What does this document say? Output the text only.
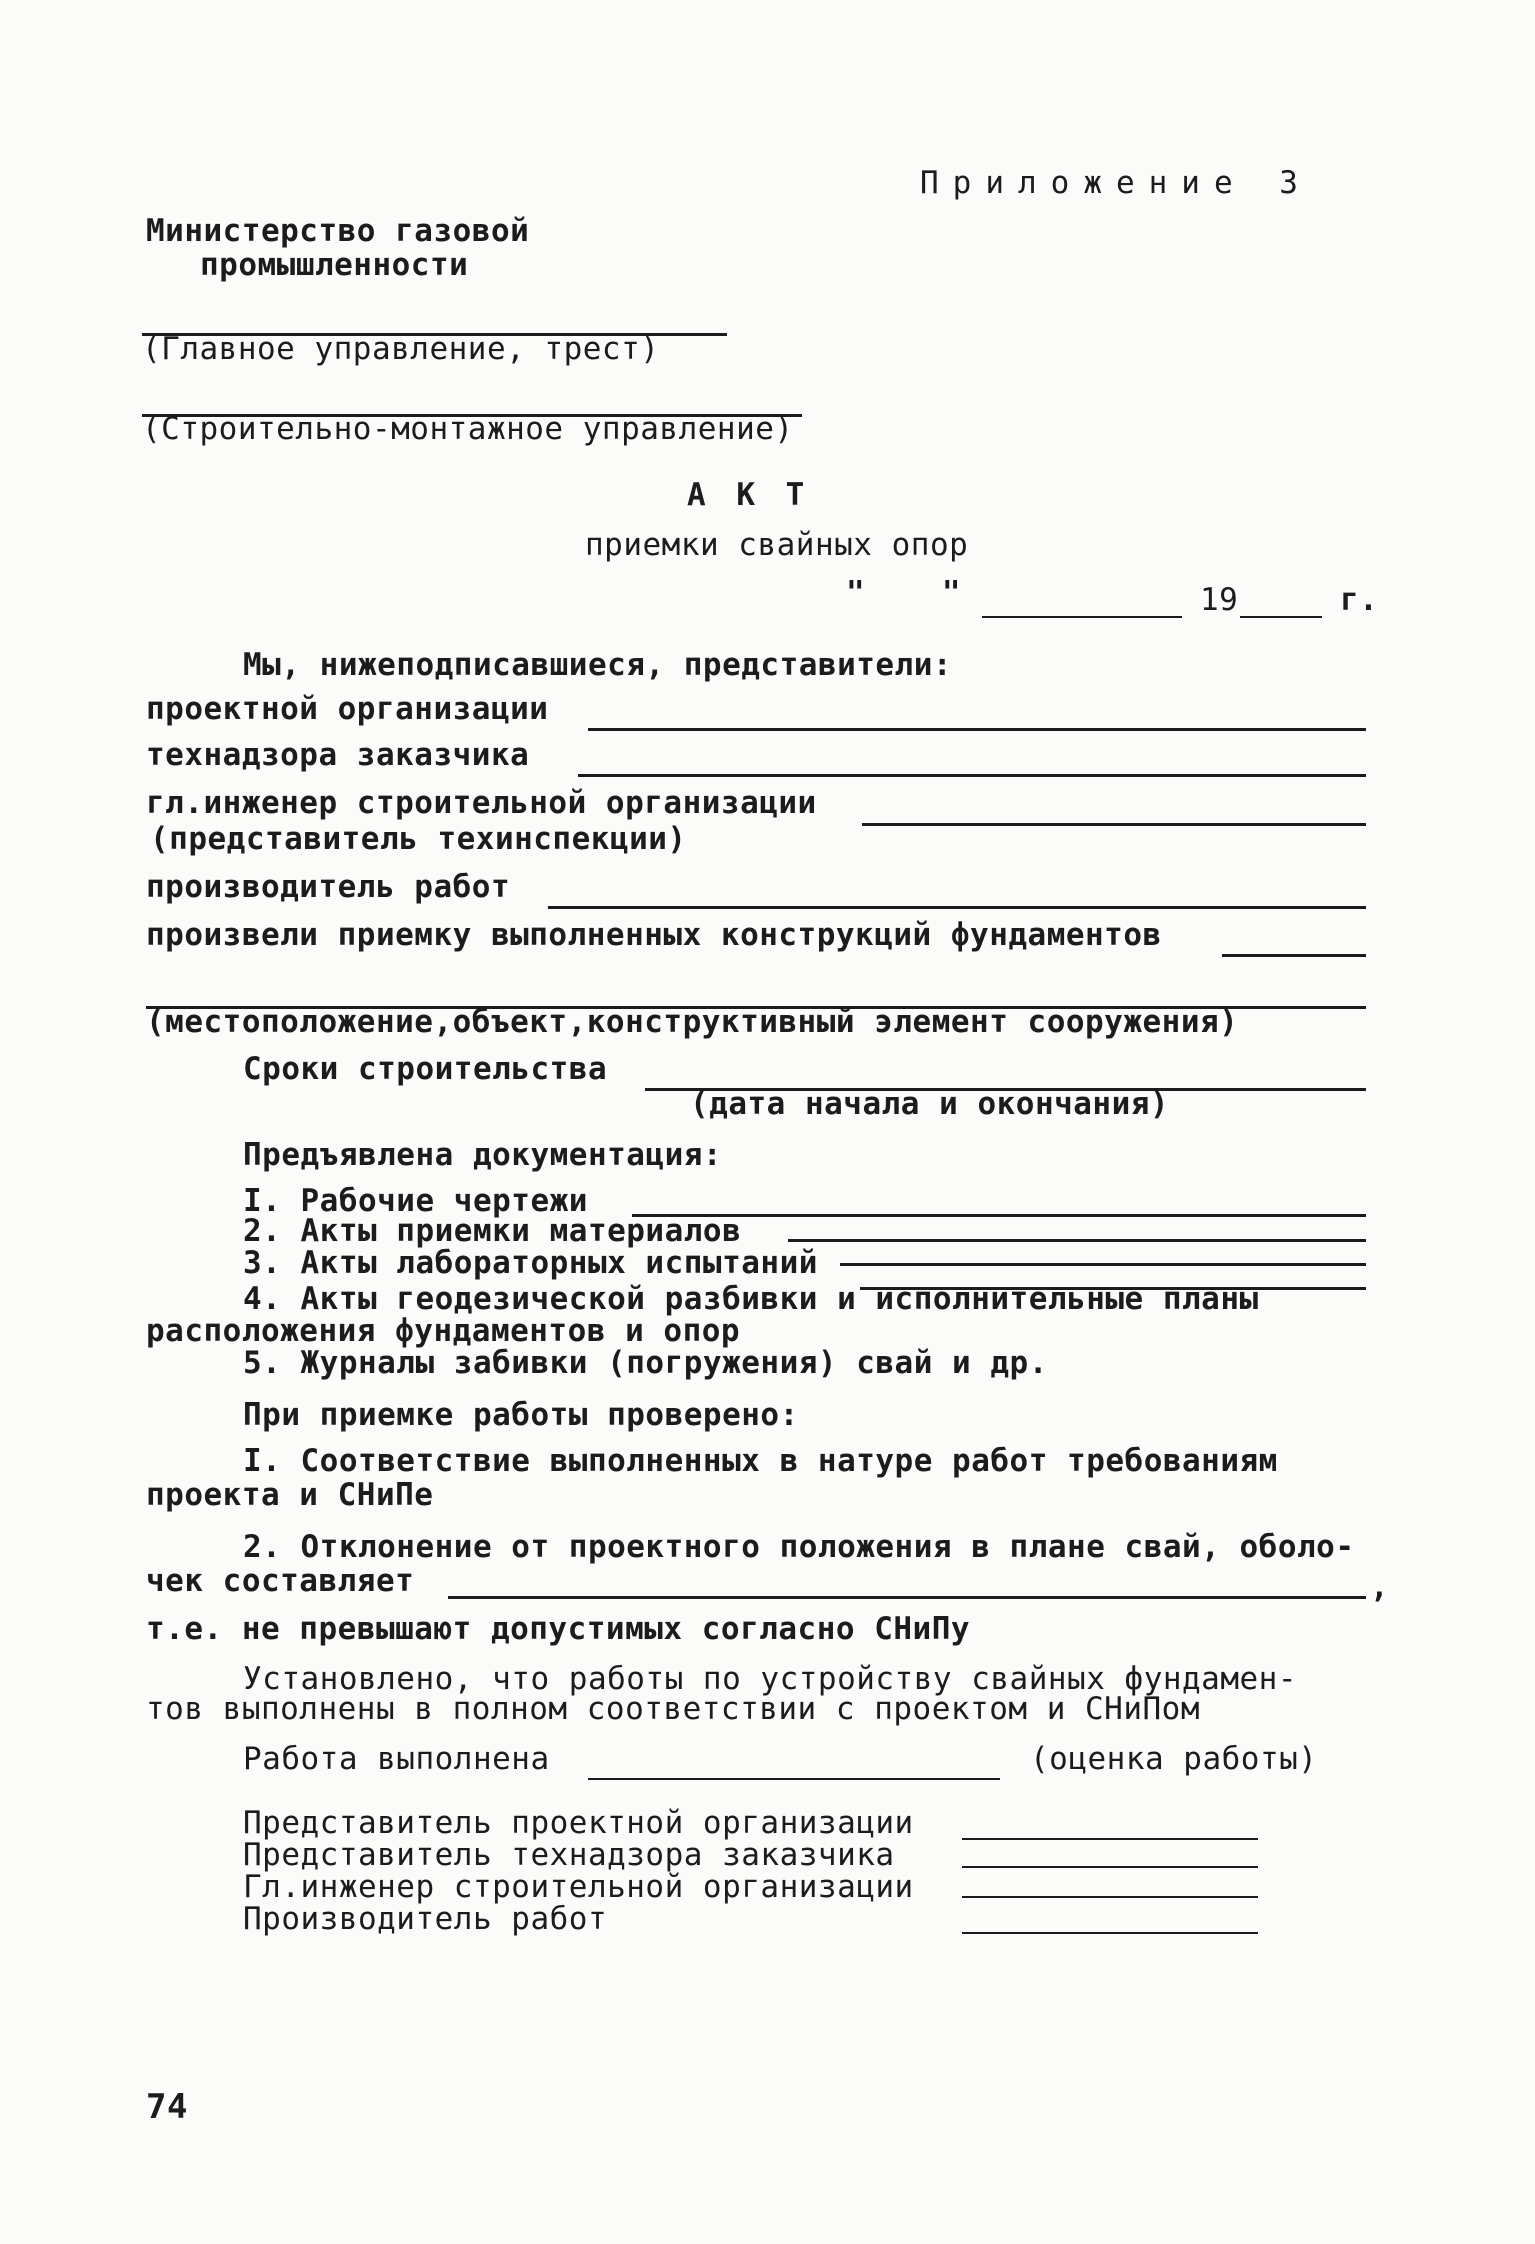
Приложение 3
Министерство газовой
промышленности
(Главное управление, трест)
(Строительно-монтажное управление)
А К Т
приемки свайных опор
"    "	19	г.
Мы, нижеподписавшиеся, представители:
проектной организации
технадзора заказчика
гл.инженер строительной организации
(представитель техинспекции)
производитель работ
произвели приемку выполненных конструкций фундаментов
(местоположение,объект,конструктивный элемент сооружения)
Сроки строительства
(дата начала и окончания)
Предъявлена документация:
I. Рабочие чертежи
2. Акты приемки материалов
3. Акты лабораторных испытаний
4. Акты геодезической разбивки и исполнительные планы
расположения фундаментов и опор
5. Журналы забивки (погружения) свай и др.
При приемке работы проверено:
I. Соответствие выполненных в натуре работ требованиям
проекта и СНиПе
2. Отклонение от проектного положения в плане свай, оболо-
чек составляет	,
т.е. не превышают допустимых согласно СНиПу
Установлено, что работы по устройству свайных фундамен-
тов выполнены в полном соответствии с проектом и СНиПом
Работа выполнена	(оценка работы)
Представитель проектной организации
Представитель технадзора заказчика
Гл.инженер строительной организации
Производитель работ
74
